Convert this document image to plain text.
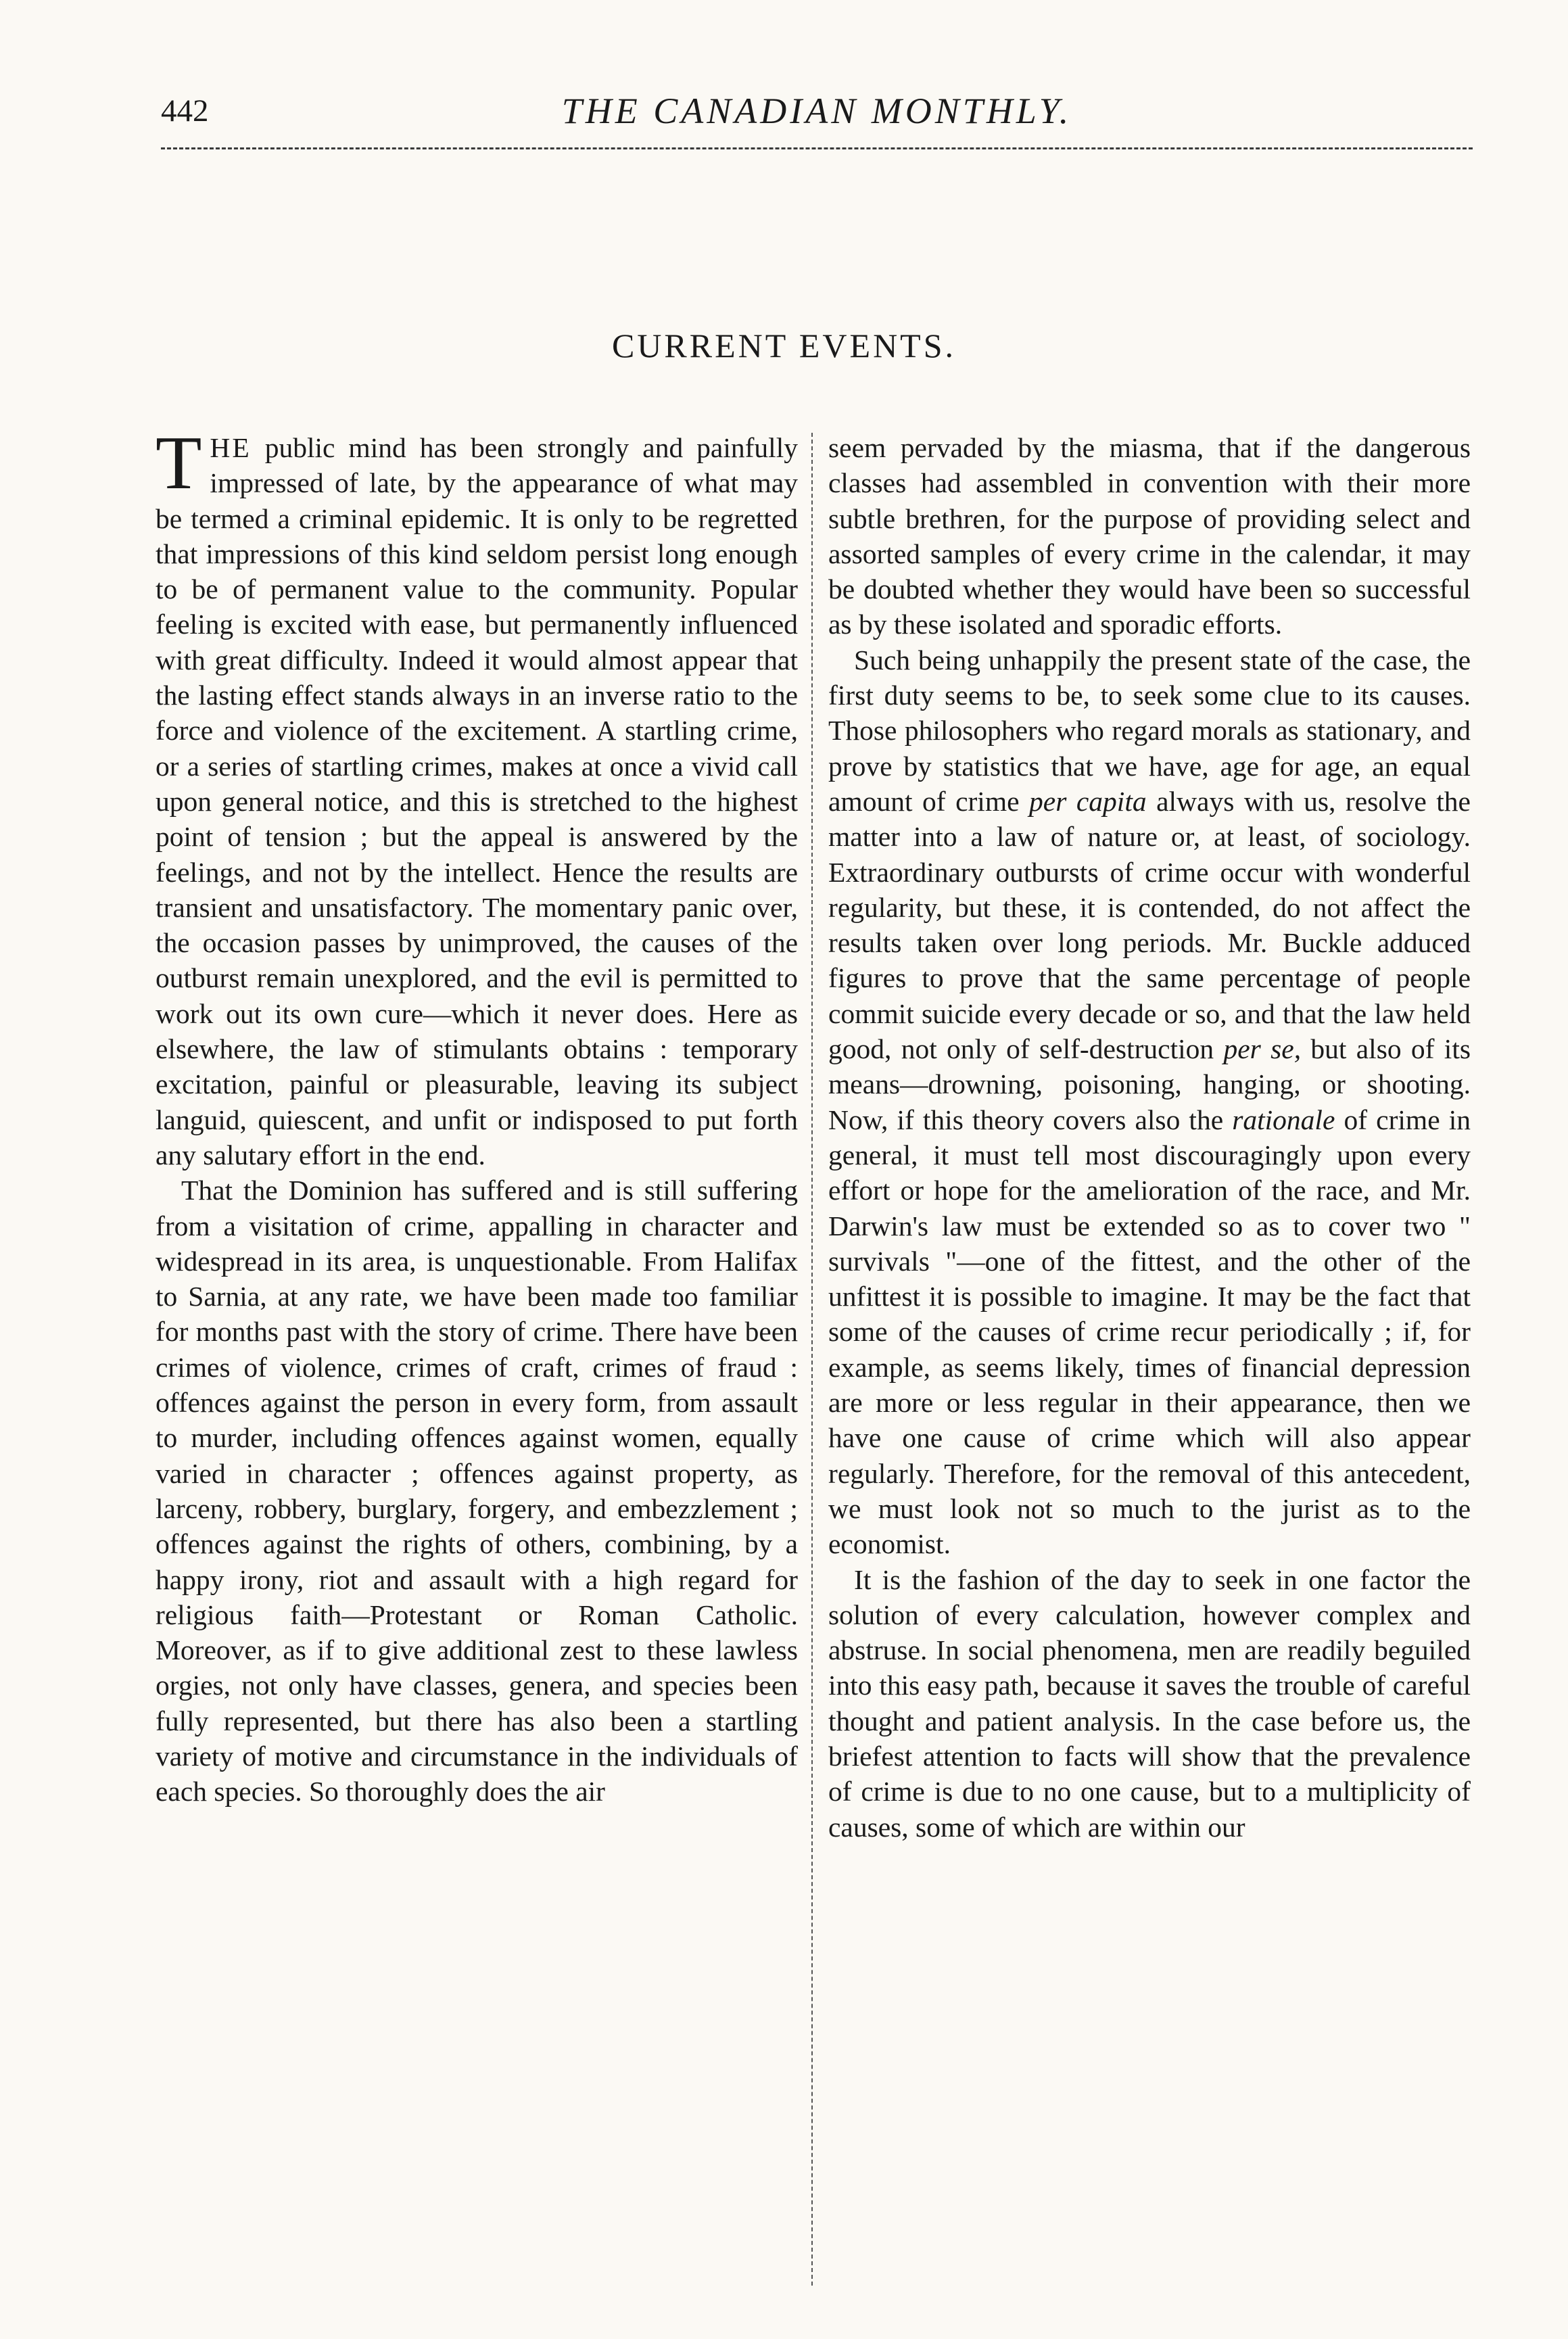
442	THE CANADIAN MONTHLY.
CURRENT EVENTS.

THE public mind has been strongly and painfully impressed of late, by the appearance of what may be termed a criminal epidemic. It is only to be regretted that impressions of this kind seldom persist long enough to be of permanent value to the community. Popular feeling is excited with ease, but permanently influenced with great difficulty. Indeed it would almost appear that the lasting effect stands always in an inverse ratio to the force and violence of the excitement. A startling crime, or a series of startling crimes, makes at once a vivid call upon general notice, and this is stretched to the highest point of tension ; but the appeal is answered by the feelings, and not by the intellect. Hence the results are transient and unsatisfactory. The momentary panic over, the occasion passes by unimproved, the causes of the outburst remain unexplored, and the evil is permitted to work out its own cure—which it never does. Here as elsewhere, the law of stimulants obtains : temporary excitation, painful or pleasurable, leaving its subject languid, quiescent, and unfit or indisposed to put forth any salutary effort in the end.

That the Dominion has suffered and is still suffering from a visitation of crime, appalling in character and widespread in its area, is unquestionable. From Halifax to Sarnia, at any rate, we have been made too familiar for months past with the story of crime. There have been crimes of violence, crimes of craft, crimes of fraud : offences against the person in every form, from assault to murder, including offences against women, equally varied in character ; offences against property, as larceny, robbery, burglary, forgery, and embezzlement ; offences against the rights of others, combining, by a happy irony, riot and assault with a high regard for religious faith—Protestant or Roman Catholic. Moreover, as if to give additional zest to these lawless orgies, not only have classes, genera, and species been fully represented, but there has also been a startling variety of motive and circumstance in the individuals of each species. So thoroughly does the air

seem pervaded by the miasma, that if the dangerous classes had assembled in convention with their more subtle brethren, for the purpose of providing select and assorted samples of every crime in the calendar, it may be doubted whether they would have been so successful as by these isolated and sporadic efforts.

Such being unhappily the present state of the case, the first duty seems to be, to seek some clue to its causes. Those philosophers who regard morals as stationary, and prove by statistics that we have, age for age, an equal amount of crime per capita always with us, resolve the matter into a law of nature or, at least, of sociology. Extraordinary outbursts of crime occur with wonderful regularity, but these, it is contended, do not affect the results taken over long periods. Mr. Buckle adduced figures to prove that the same percentage of people commit suicide every decade or so, and that the law held good, not only of self-destruction per se, but also of its means—drowning, poisoning, hanging, or shooting. Now, if this theory covers also the rationale of crime in general, it must tell most discouragingly upon every effort or hope for the amelioration of the race, and Mr. Darwin's law must be extended so as to cover two " survivals "—one of the fittest, and the other of the unfittest it is possible to imagine. It may be the fact that some of the causes of crime recur periodically ; if, for example, as seems likely, times of financial depression are more or less regular in their appearance, then we have one cause of crime which will also appear regularly. Therefore, for the removal of this antecedent, we must look not so much to the jurist as to the economist.

It is the fashion of the day to seek in one factor the solution of every calculation, however complex and abstruse. In social phenomena, men are readily beguiled into this easy path, because it saves the trouble of careful thought and patient analysis. In the case before us, the briefest attention to facts will show that the prevalence of crime is due to no one cause, but to a multiplicity of causes, some of which are within our
